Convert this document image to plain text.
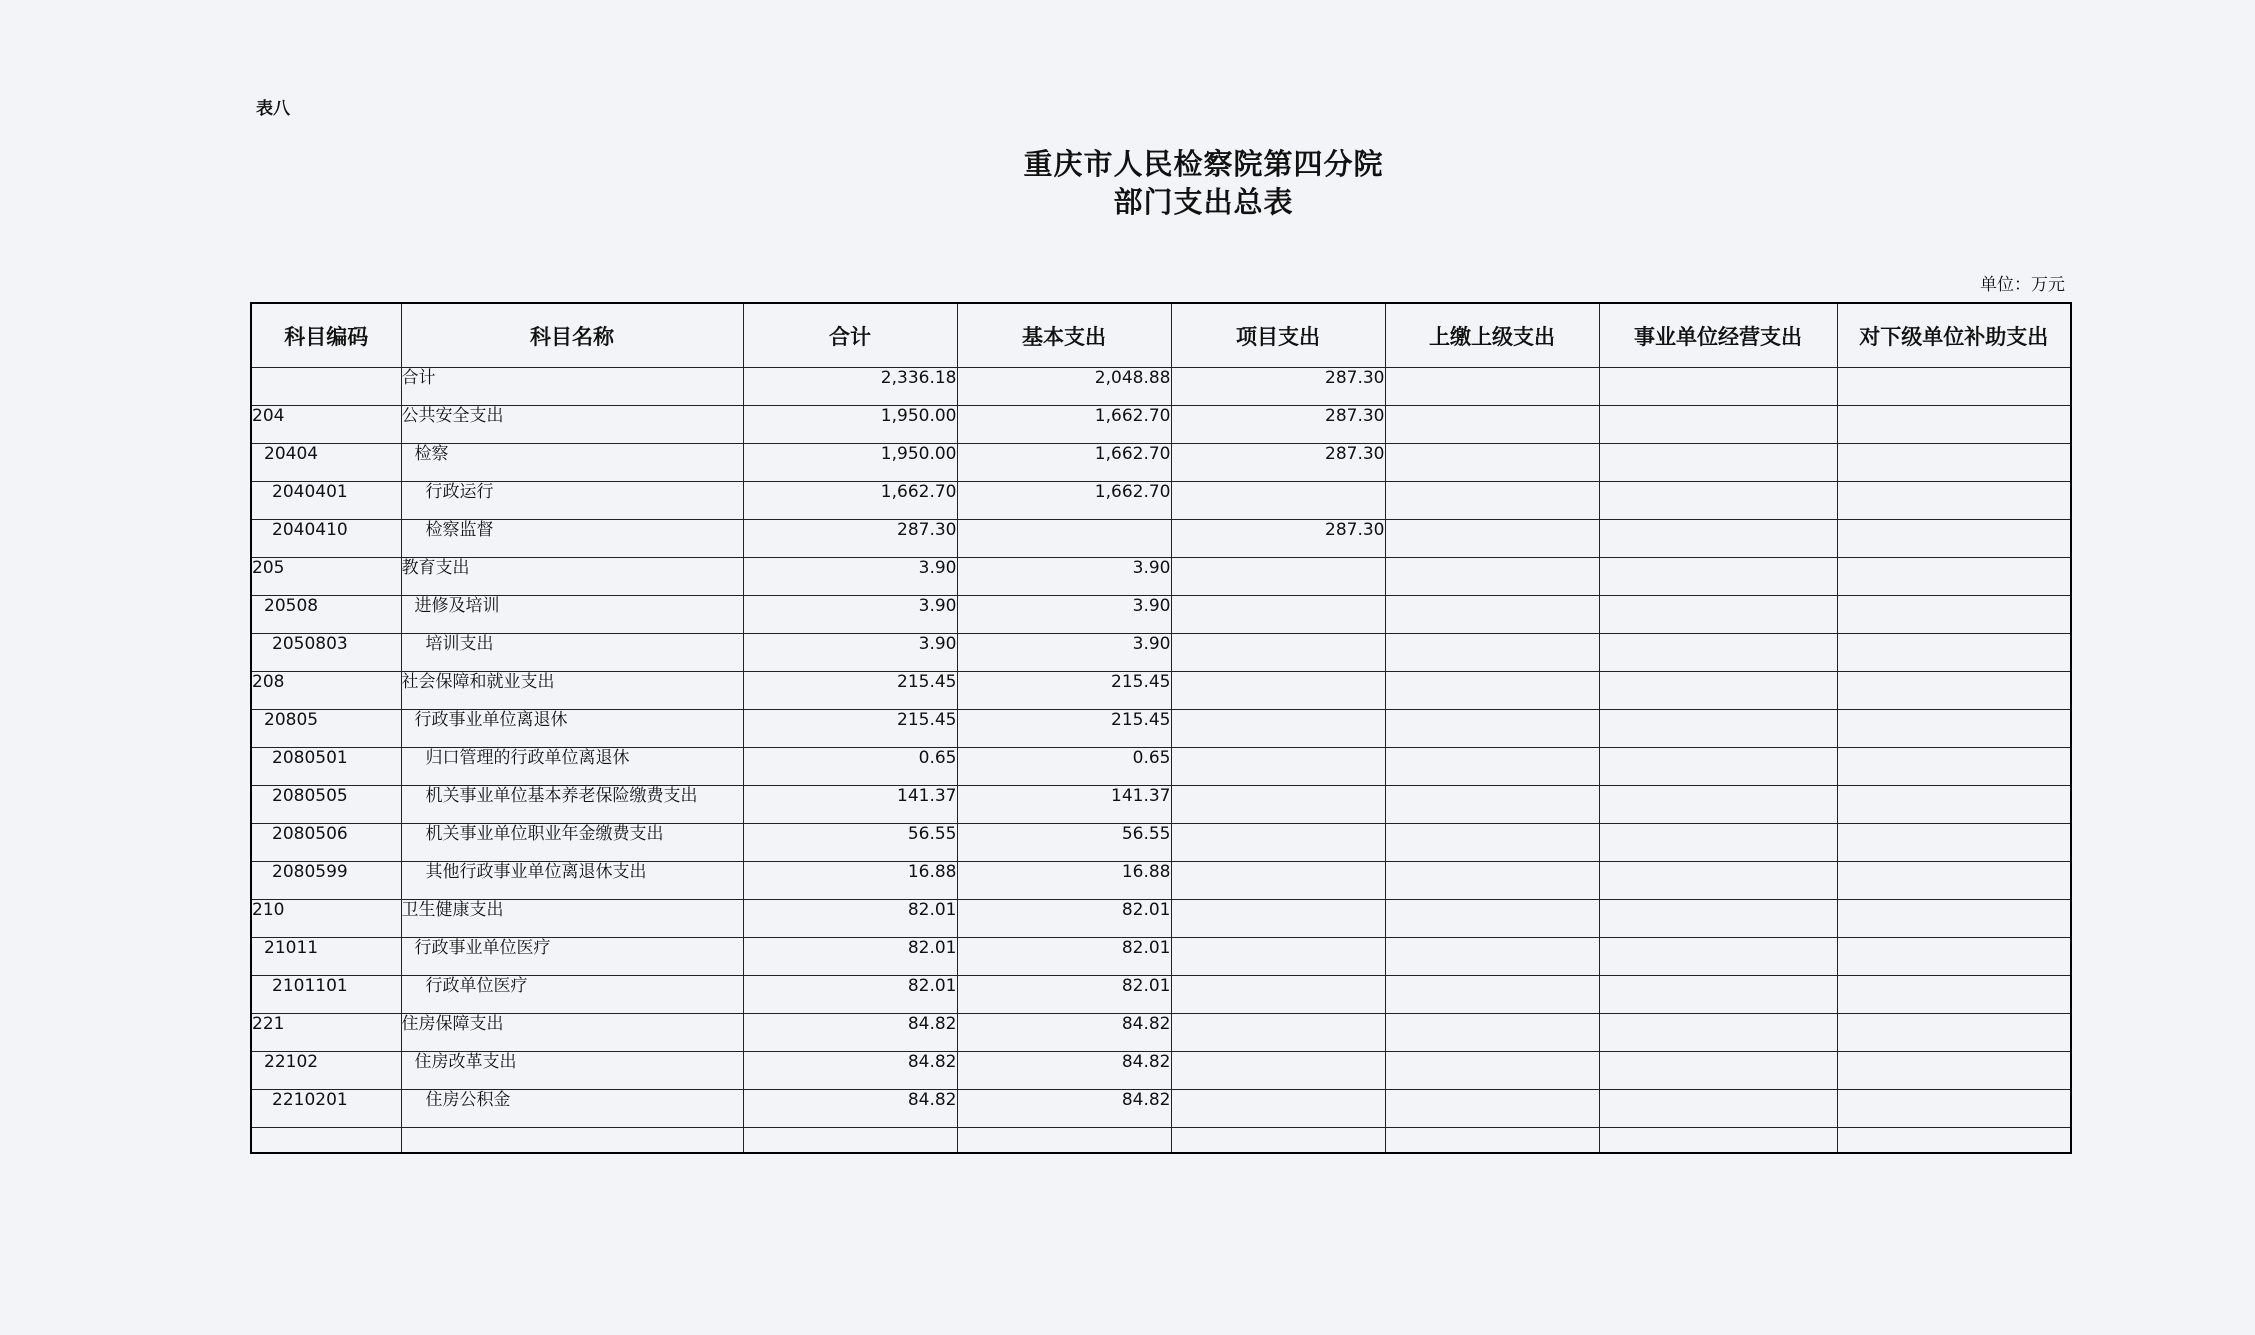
表八
重庆市人民检察院第四分院
部门支出总表
单位：万元
科目编码	科目名称	合计	基本支出	项目支出	上缴上级支出	事业单位经营支出	对下级单位补助支出
	合计	2,336.18	2,048.88	287.30			
204	公共安全支出	1,950.00	1,662.70	287.30			
20404	检察	1,950.00	1,662.70	287.30			
2040401	行政运行	1,662.70	1,662.70				
2040410	检察监督	287.30		287.30			
205	教育支出	3.90	3.90				
20508	进修及培训	3.90	3.90				
2050803	培训支出	3.90	3.90				
208	社会保障和就业支出	215.45	215.45				
20805	行政事业单位离退休	215.45	215.45				
2080501	归口管理的行政单位离退休	0.65	0.65				
2080505	机关事业单位基本养老保险缴费支出	141.37	141.37				
2080506	机关事业单位职业年金缴费支出	56.55	56.55				
2080599	其他行政事业单位离退休支出	16.88	16.88				
210	卫生健康支出	82.01	82.01				
21011	行政事业单位医疗	82.01	82.01				
2101101	行政单位医疗	82.01	82.01				
221	住房保障支出	84.82	84.82				
22102	住房改革支出	84.82	84.82				
2210201	住房公积金	84.82	84.82				
